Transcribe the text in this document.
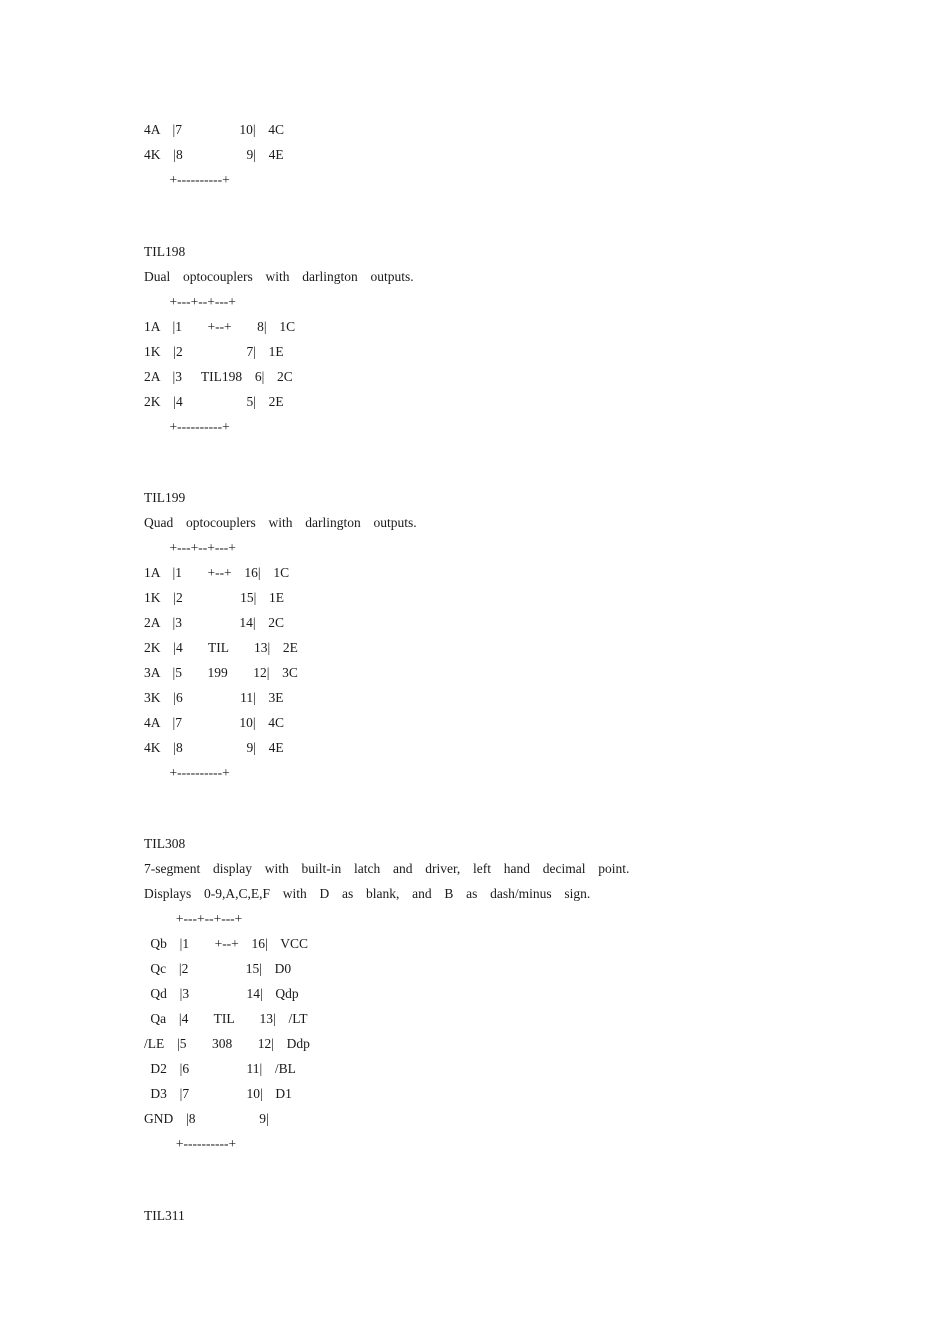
4A  |7         10|  4C
4K  |8          9|  4E
+----------+
TIL198
Dual  optocouplers  with  darlington  outputs.
+---+--+---+
1A  |1    +--+    8|  1C
1K  |2          7|  1E
2A  |3   TIL198  6|  2C
2K  |4          5|  2E
+----------+
TIL199
Quad  optocouplers  with  darlington  outputs.
+---+--+---+
1A  |1    +--+  16|  1C
1K  |2         15|  1E
2A  |3         14|  2C
2K  |4    TIL    13|  2E
3A  |5    199    12|  3C
3K  |6         11|  3E
4A  |7         10|  4C
4K  |8          9|  4E
+----------+
TIL308
7-segment  display  with  built-in  latch  and  driver,  left  hand  decimal  point.
Displays  0-9,A,C,E,F  with  D  as  blank,  and  B  as  dash/minus  sign.
+---+--+---+
Qb  |1    +--+  16|  VCC
Qc  |2         15|  D0
Qd  |3         14|  Qdp
Qa  |4    TIL    13|  /LT
/LE  |5    308    12|  Ddp
D2  |6         11|  /BL
D3  |7         10|  D1
GND  |8          9|
+----------+
TIL311
